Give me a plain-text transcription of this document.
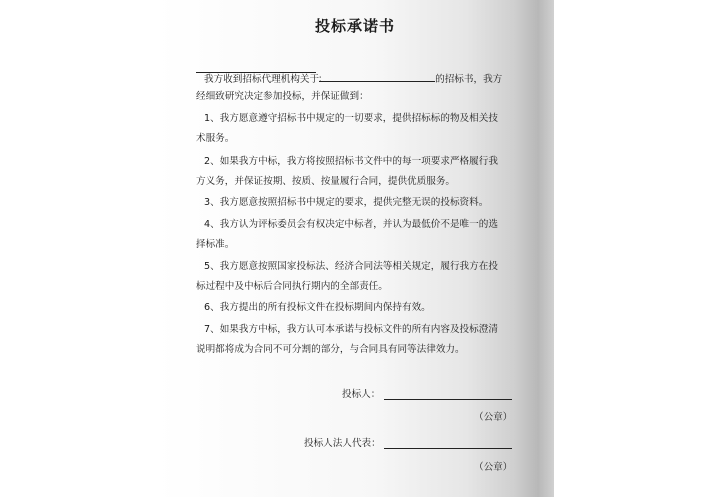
投标承诺书
：
我方收到招标代理机构关于	的招标书，我方
经细致研究决定参加投标，并保证做到：
1、我方愿意遵守招标书中规定的一切要求，提供招标标的物及相关技
术服务。
2、如果我方中标，我方将按照招标书文件中的每一项要求严格履行我
方义务，并保证按期、按质、按量履行合同，提供优质服务。
3、我方愿意按照招标书中规定的要求，提供完整无误的投标资料。
4、我方认为评标委员会有权决定中标者，并认为最低价不是唯一的选
择标准。
5、我方愿意按照国家投标法、经济合同法等相关规定，履行我方在投
标过程中及中标后合同执行期内的全部责任。
6、我方提出的所有投标文件在投标期间内保持有效。
7、如果我方中标，我方认可本承诺与投标文件的所有内容及投标澄清
说明都将成为合同不可分割的部分，与合同具有同等法律效力。
投标人：
（公章）
投标人法人代表：
（公章）
